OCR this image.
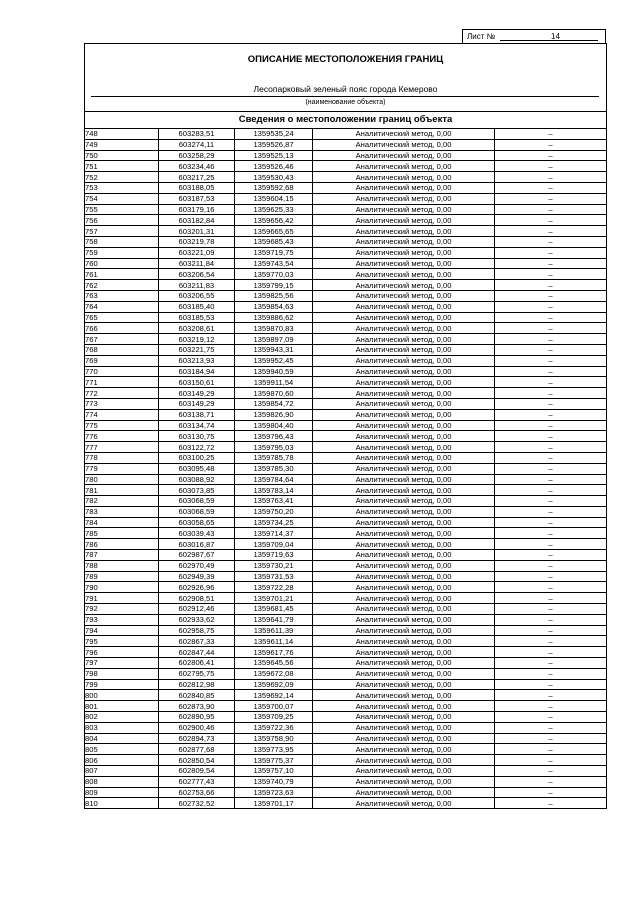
Лист №	14
ОПИСАНИЕ МЕСТОПОЛОЖЕНИЯ ГРАНИЦ
Лесопарковый зеленый пояс города Кемерово
(наименование объекта)
Сведения о местоположении границ объекта
748	603283,51	1359535,24	Аналитический метод, 0,00	–
749	603274,11	1359526,87	Аналитический метод, 0,00	–
750	603258,29	1359525,13	Аналитический метод, 0,00	–
751	603234,46	1359526,46	Аналитический метод, 0,00	–
752	603217,25	1359530,43	Аналитический метод, 0,00	–
753	603188,05	1359592,68	Аналитический метод, 0,00	–
754	603187,53	1359604,15	Аналитический метод, 0,00	–
755	603179,16	1359625,33	Аналитический метод, 0,00	–
756	603182,84	1359656,42	Аналитический метод, 0,00	–
757	603201,31	1359665,65	Аналитический метод, 0,00	–
758	603219,78	1359685,43	Аналитический метод, 0,00	–
759	603221,09	1359719,75	Аналитический метод, 0,00	–
760	603211,84	1359743,54	Аналитический метод, 0,00	–
761	603206,54	1359770,03	Аналитический метод, 0,00	–
762	603211,83	1359799,15	Аналитический метод, 0,00	–
763	603206,55	1359825,56	Аналитический метод, 0,00	–
764	603185,40	1359854,63	Аналитический метод, 0,00	–
765	603185,53	1359886,62	Аналитический метод, 0,00	–
766	603208,61	1359870,83	Аналитический метод, 0,00	–
767	603219,12	1359897,09	Аналитический метод, 0,00	–
768	603221,75	1359943,31	Аналитический метод, 0,00	–
769	603213,93	1359952,45	Аналитический метод, 0,00	–
770	603184,94	1359940,59	Аналитический метод, 0,00	–
771	603150,61	1359911,54	Аналитический метод, 0,00	–
772	603149,29	1359870,60	Аналитический метод, 0,00	–
773	603149,29	1359854,72	Аналитический метод, 0,00	–
774	603138,71	1359826,90	Аналитический метод, 0,00	–
775	603134,74	1359804,40	Аналитический метод, 0,00	–
776	603130,75	1359796,43	Аналитический метод, 0,00	–
777	603122,72	1359795,03	Аналитический метод, 0,00	–
778	603100,25	1359785,78	Аналитический метод, 0,00	–
779	603095,48	1359785,30	Аналитический метод, 0,00	–
780	603088,92	1359784,64	Аналитический метод, 0,00	–
781	603073,85	1359783,14	Аналитический метод, 0,00	–
782	603068,59	1359763,41	Аналитический метод, 0,00	–
783	603068,59	1359750,20	Аналитический метод, 0,00	–
784	603058,65	1359734,25	Аналитический метод, 0,00	–
785	603039,43	1359714,37	Аналитический метод, 0,00	–
786	603016,87	1359709,04	Аналитический метод, 0,00	–
787	602987,67	1359719,63	Аналитический метод, 0,00	–
788	602970,49	1359730,21	Аналитический метод, 0,00	–
789	602949,39	1359731,53	Аналитический метод, 0,00	–
790	602926,96	1359722,28	Аналитический метод, 0,00	–
791	602908,51	1359701,21	Аналитический метод, 0,00	–
792	602912,46	1359681,45	Аналитический метод, 0,00	–
793	602933,62	1359641,79	Аналитический метод, 0,00	–
794	602958,75	1359611,39	Аналитический метод, 0,00	–
795	602867,33	1359611,14	Аналитический метод, 0,00	–
796	602847,44	1359617,76	Аналитический метод, 0,00	–
797	602806,41	1359645,56	Аналитический метод, 0,00	–
798	602795,75	1359672,08	Аналитический метод, 0,00	–
799	602812,98	1359692,09	Аналитический метод, 0,00	–
800	602840,85	1359692,14	Аналитический метод, 0,00	–
801	602873,90	1359700,07	Аналитический метод, 0,00	–
802	602890,95	1359709,25	Аналитический метод, 0,00	–
803	602900,46	1359722,36	Аналитический метод, 0,00	–
804	602894,73	1359758,90	Аналитический метод, 0,00	–
805	602877,68	1359773,95	Аналитический метод, 0,00	–
806	602850,54	1359775,37	Аналитический метод, 0,00	–
807	602809,54	1359757,10	Аналитический метод, 0,00	–
808	602777,43	1359740,79	Аналитический метод, 0,00	–
809	602753,66	1359723,63	Аналитический метод, 0,00	–
810	602732,52	1359701,17	Аналитический метод, 0,00	–
